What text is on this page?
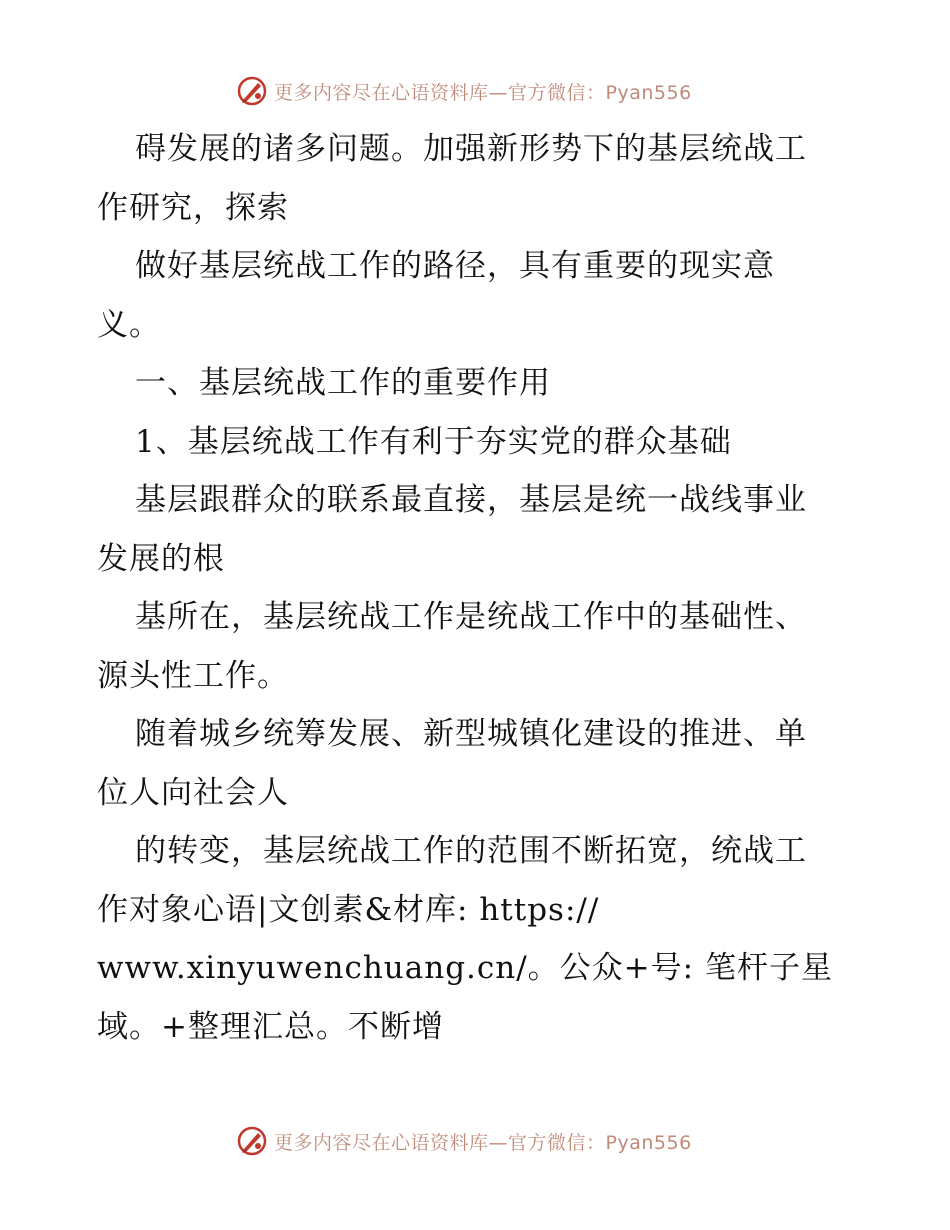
更多内容尽在心语资料库—官方微信：Pyan556
碍发展的诸多问题。加强新形势下的基层统战工
作研究，探索
做好基层统战工作的路径，具有重要的现实意
义。
一、基层统战工作的重要作用
1、基层统战工作有利于夯实党的群众基础
基层跟群众的联系最直接，基层是统一战线事业
发展的根
基所在，基层统战工作是统战工作中的基础性、
源头性工作。
随着城乡统筹发展、新型城镇化建设的推进、单
位人向社会人
的转变，基层统战工作的范围不断拓宽，统战工
作对象心语|文创素&材库: https://
www.xinyuwenchuang.cn/。公众+号: 笔杆子星
域。+整理汇总。不断增
更多内容尽在心语资料库—官方微信：Pyan556
